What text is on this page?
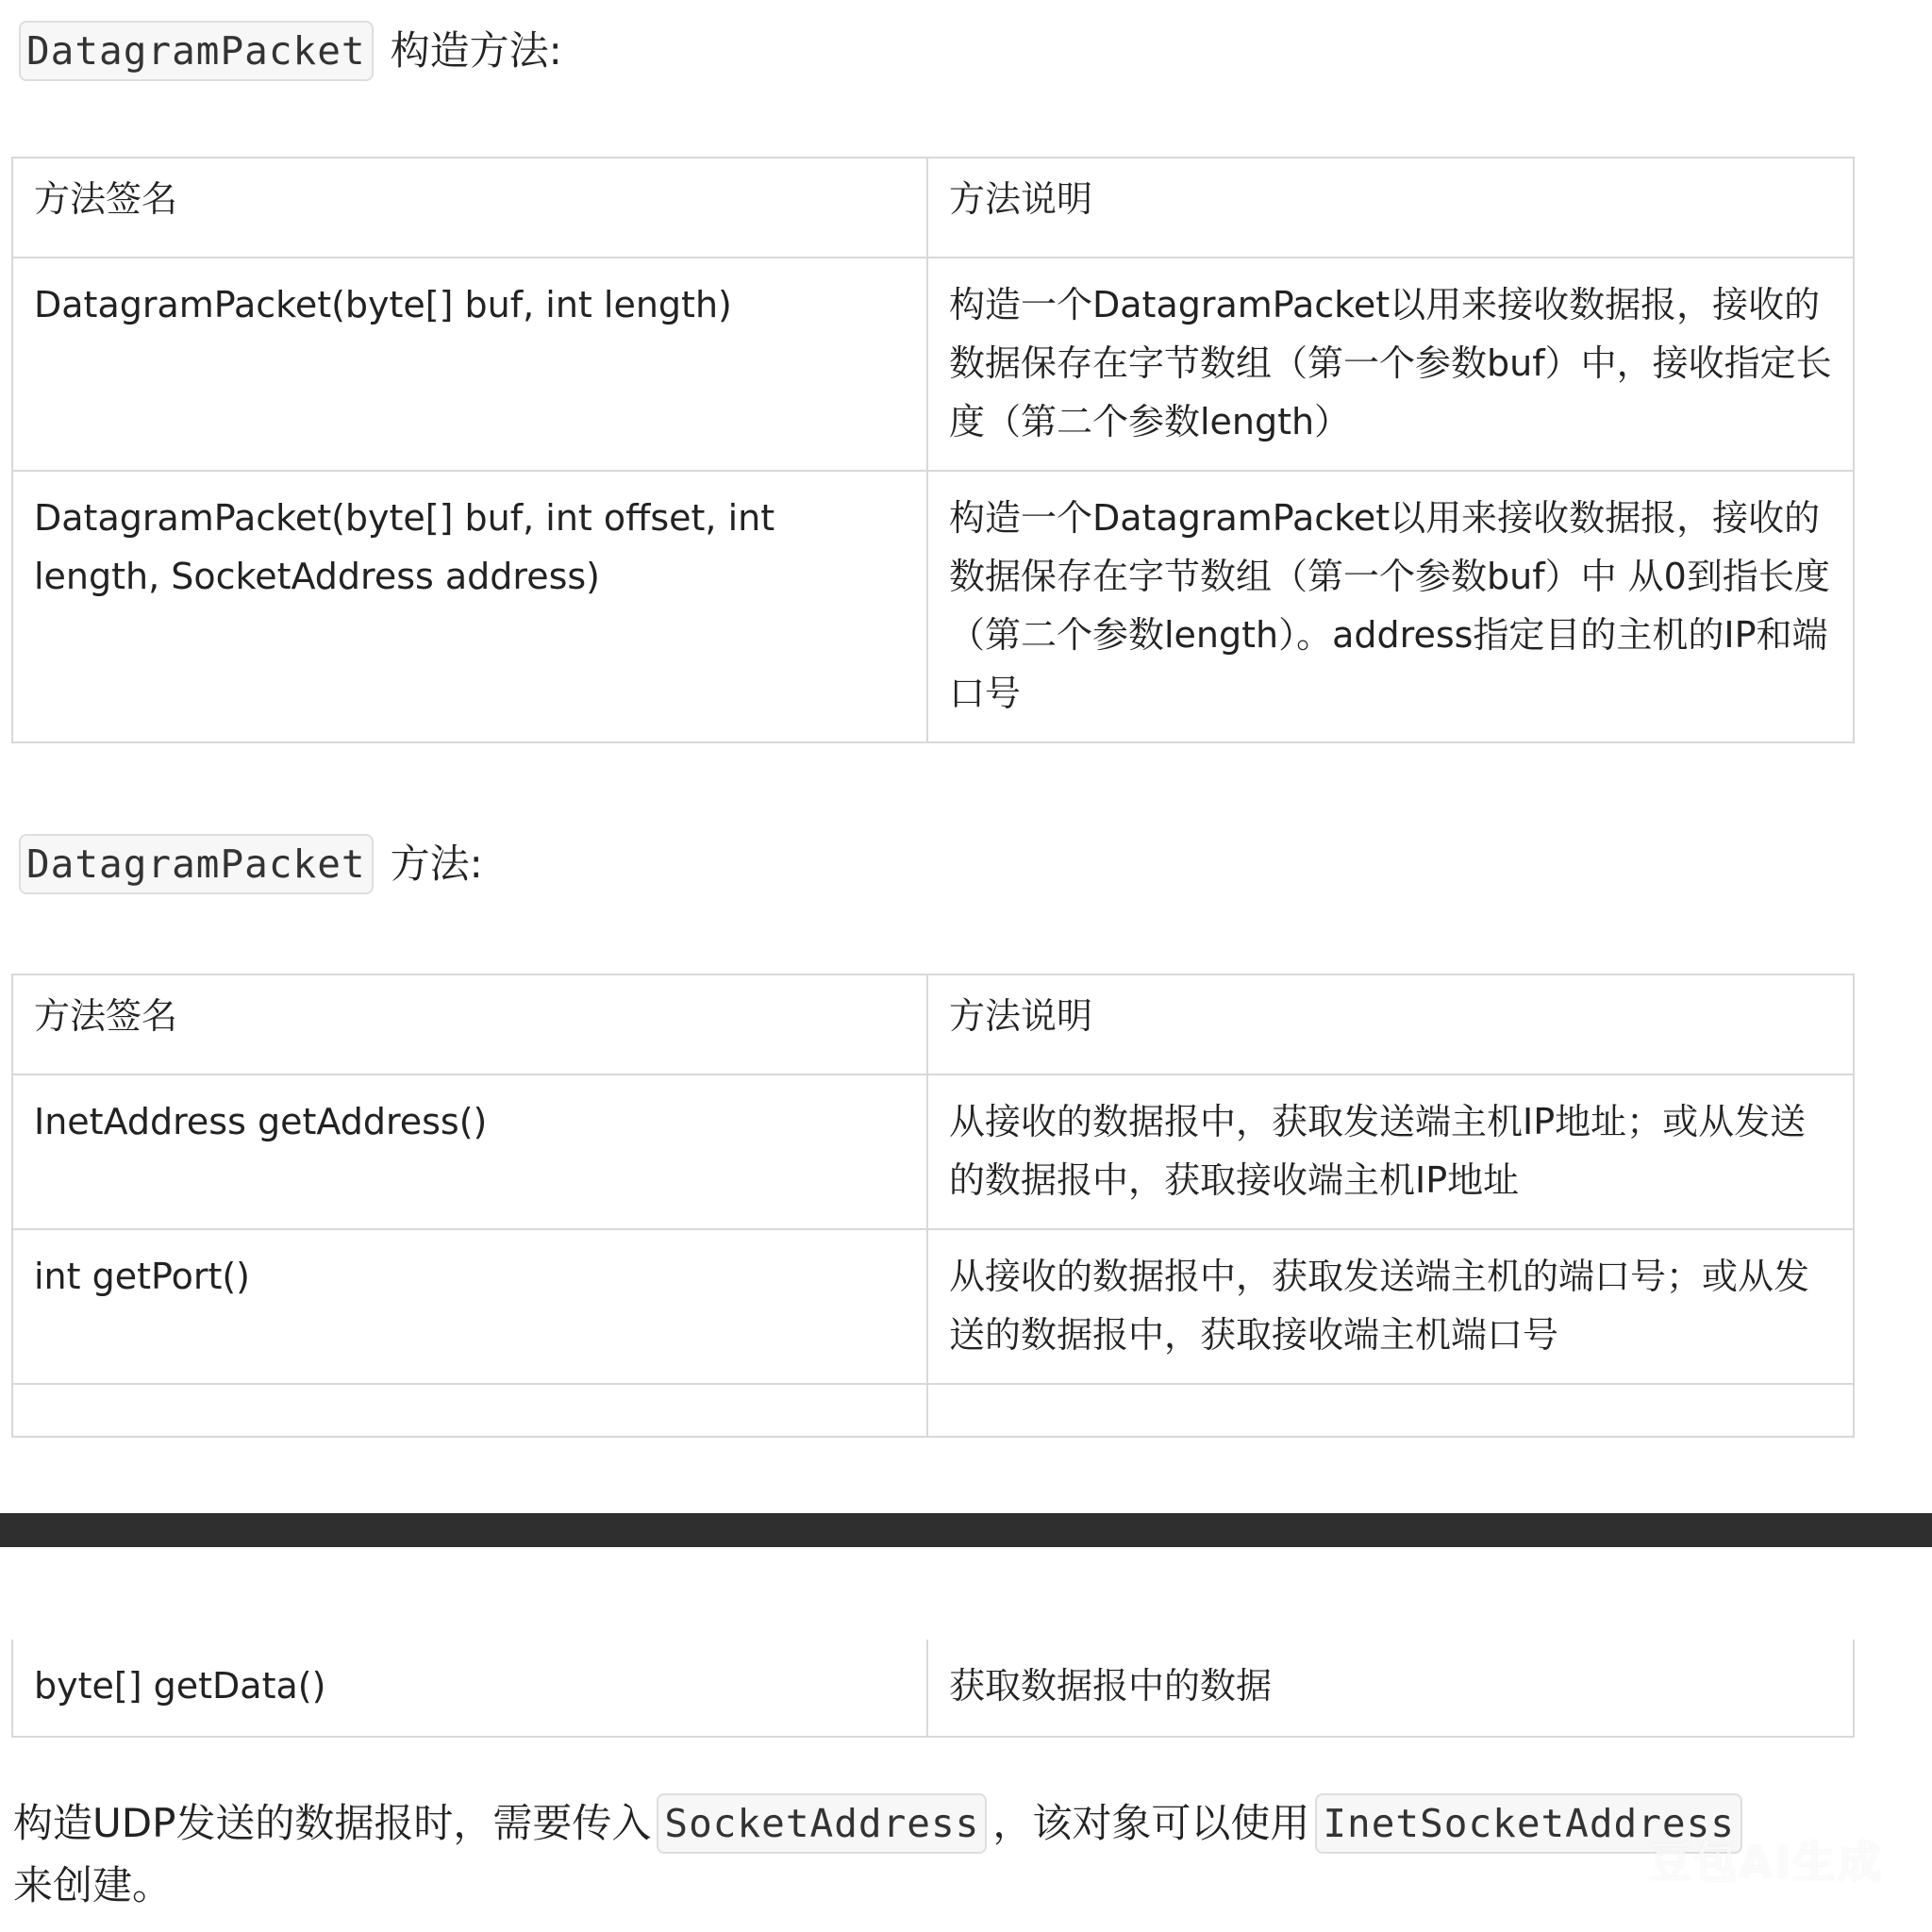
DatagramPacket 构造方法:
方法签名	方法说明
DatagramPacket(byte[] buf, int length)	构造一个DatagramPacket以用来接收数据报，接收的数据保存在字节数组（第一个参数buf）中，接收指定长度（第二个参数length）
DatagramPacket(byte[] buf, int offset, int length, SocketAddress address)	构造一个DatagramPacket以用来接收数据报，接收的数据保存在字节数组（第一个参数buf）中 从0到指长度（第二个参数length）。address指定目的主机的IP和端口号
DatagramPacket 方法:
方法签名	方法说明
InetAddress getAddress()	从接收的数据报中，获取发送端主机IP地址；或从发送的数据报中，获取接收端主机IP地址
int getPort()	从接收的数据报中，获取发送端主机的端口号；或从发送的数据报中，获取接收端主机端口号

byte[] getData()	获取数据报中的数据
构造UDP发送的数据报时，需要传入 SocketAddress ，该对象可以使用 InetSocketAddress
来创建。	豆包AI生成
